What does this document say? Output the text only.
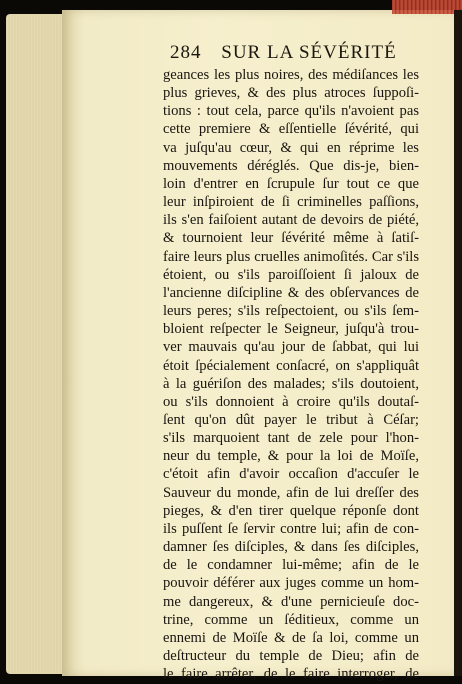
284 SUR LA SÉVÉRITÉ
geances les plus noires, des médiſances les
plus grieves, & des plus atroces ſuppoſi-
tions : tout cela, parce qu'ils n'avoient pas
cette premiere & eſſentielle ſévérité, qui
va juſqu'au cœur, & qui en réprime les
mouvements déréglés. Que dis-je, bien-
loin d'entrer en ſcrupule ſur tout ce que
leur inſpiroient de ſi criminelles paſſions,
ils s'en faiſoient autant de devoirs de piété,
& tournoient leur ſévérité même à ſatiſ-
faire leurs plus cruelles animoſités. Car s'ils
étoient, ou s'ils paroiſſoient ſi jaloux de
l'ancienne diſcipline & des obſervances de
leurs peres; s'ils reſpectoient, ou s'ils ſem-
bloient reſpecter le Seigneur, juſqu'à trou-
ver mauvais qu'au jour de ſabbat, qui lui
étoit ſpécialement conſacré, on s'appliquât
à la guériſon des malades; s'ils doutoient,
ou s'ils donnoient à croire qu'ils doutaſ-
ſent qu'on dût payer le tribut à Céſar;
s'ils marquoient tant de zele pour l'hon-
neur du temple, & pour la loi de Moïſe,
c'étoit afin d'avoir occaſion d'accuſer le
Sauveur du monde, afin de lui dreſſer des
pieges, & d'en tirer quelque réponſe dont
ils puſſent ſe ſervir contre lui; afin de con-
damner ſes diſciples, & dans ſes diſciples,
de le condamner lui-même; afin de le
pouvoir déférer aux juges comme un hom-
me dangereux, & d'une pernicieuſe doc-
trine, comme un ſéditieux, comme un
ennemi de Moïſe & de ſa loi, comme un
deſtructeur du temple de Dieu; afin de
le faire arrêter, de le faire interroger, de
